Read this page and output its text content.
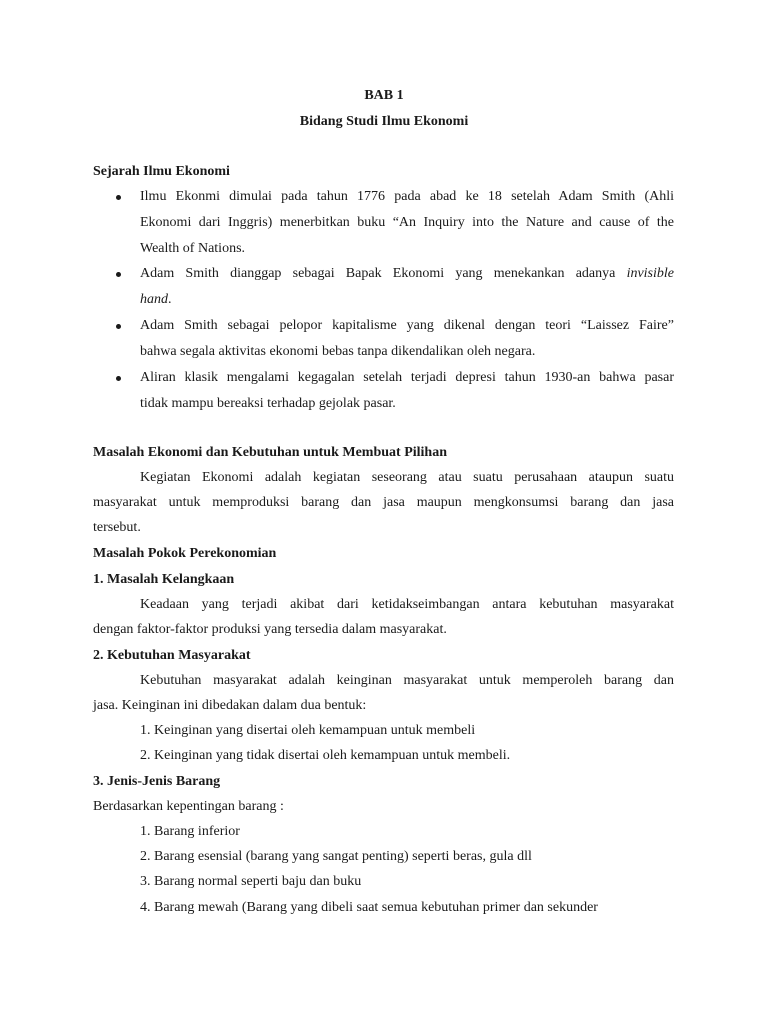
BAB 1
Bidang Studi Ilmu Ekonomi
Sejarah Ilmu Ekonomi
Ilmu Ekonmi dimulai pada tahun 1776 pada abad ke 18 setelah Adam Smith (Ahli
Ekonomi dari Inggris) menerbitkan buku “An Inquiry into the Nature and cause of the
Wealth of Nations.
Adam Smith dianggap sebagai Bapak Ekonomi yang menekankan adanya invisible
hand.
Adam Smith sebagai pelopor kapitalisme yang dikenal dengan teori “Laissez Faire”
bahwa segala aktivitas ekonomi bebas tanpa dikendalikan oleh negara.
Aliran klasik mengalami kegagalan setelah terjadi depresi tahun 1930-an bahwa pasar
tidak mampu bereaksi terhadap gejolak pasar.
Masalah Ekonomi dan Kebutuhan untuk Membuat Pilihan
Kegiatan Ekonomi adalah kegiatan seseorang atau suatu perusahaan ataupun suatu
masyarakat untuk memproduksi barang dan jasa maupun mengkonsumsi barang dan jasa
tersebut.
Masalah Pokok Perekonomian
1. Masalah Kelangkaan
Keadaan yang terjadi akibat dari ketidakseimbangan antara kebutuhan masyarakat
dengan faktor-faktor produksi yang tersedia dalam masyarakat.
2. Kebutuhan Masyarakat
Kebutuhan masyarakat adalah keinginan masyarakat untuk memperoleh barang dan
jasa. Keinginan ini dibedakan dalam dua bentuk:
1. Keinginan yang disertai oleh kemampuan untuk membeli
2. Keinginan yang tidak disertai oleh kemampuan untuk membeli.
3. Jenis-Jenis Barang
Berdasarkan kepentingan barang :
1. Barang inferior
2. Barang esensial (barang yang sangat penting) seperti beras, gula dll
3. Barang normal seperti baju dan buku
4. Barang mewah (Barang yang dibeli saat semua kebutuhan primer dan sekunder
